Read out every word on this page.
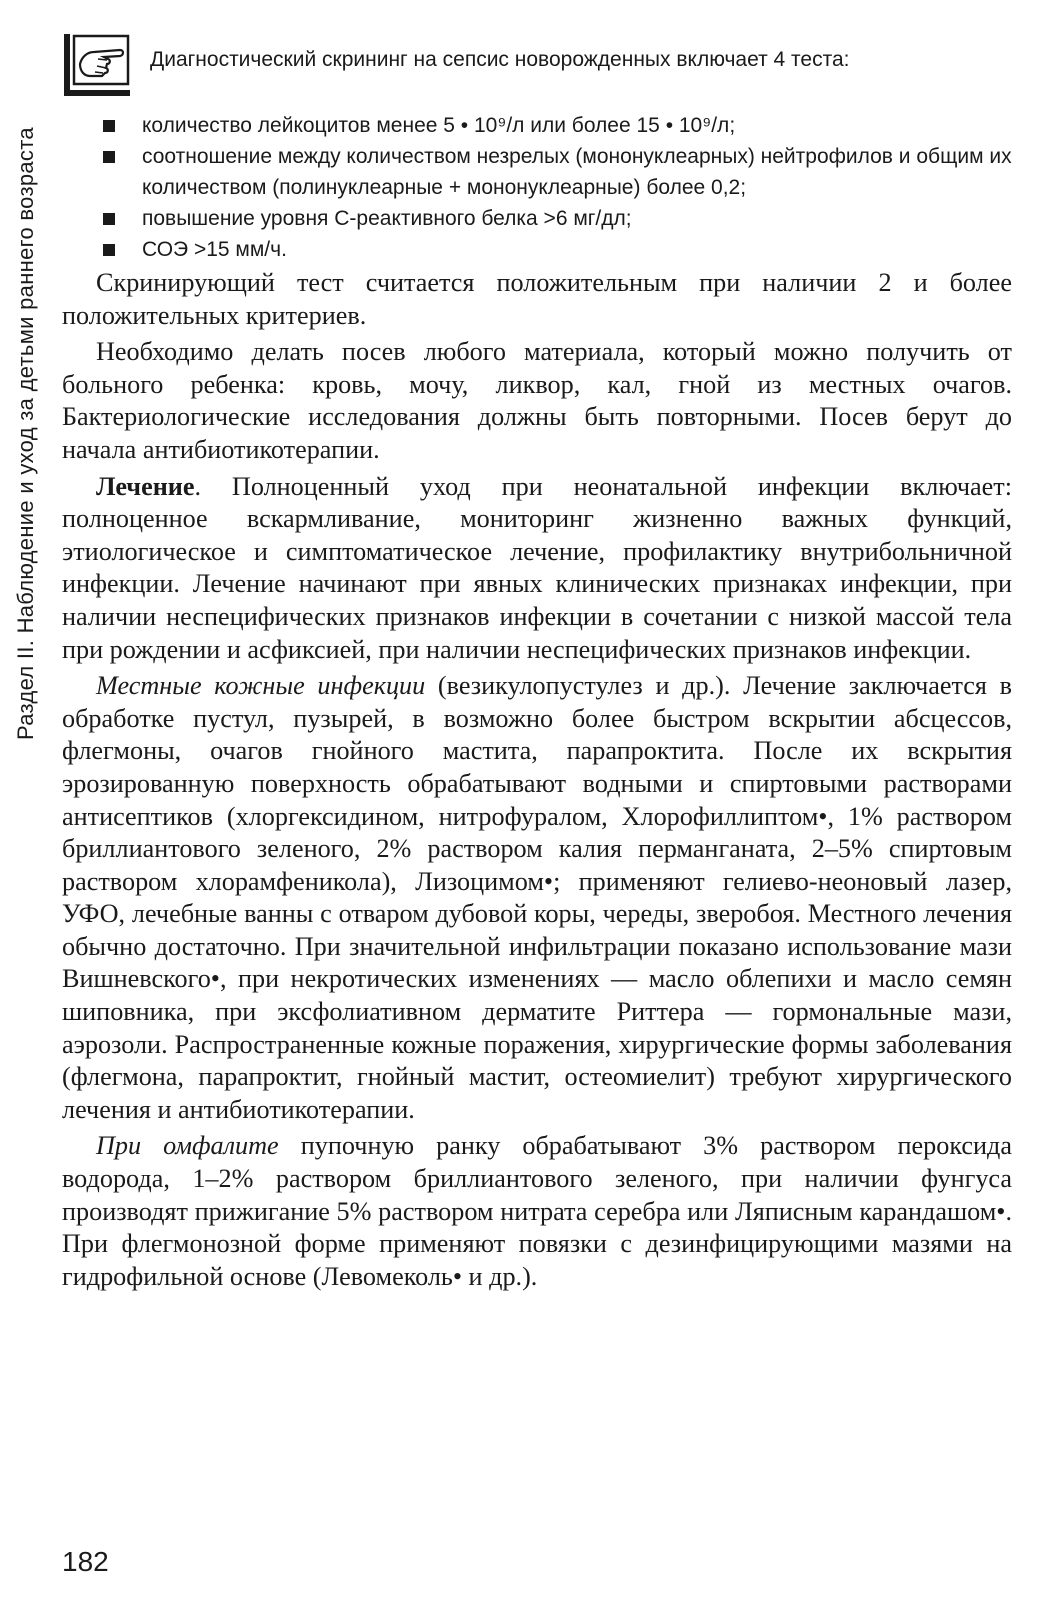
Раздел II. Наблюдение и уход за детьми раннего возраста
Диагностический скрининг на сепсис новорожденных включает 4 теста:
количество лейкоцитов менее 5 • 10⁹/л или более 15 • 10⁹/л;
соотношение между количеством незрелых (мононуклеарных) нейтрофилов и общим их количеством (полинуклеарные + мононуклеарные) более 0,2;
повышение уровня С-реактивного белка >6 мг/дл;
СОЭ >15 мм/ч.

Скринирующий тест считается положительным при наличии 2 и более положительных критериев.

Необходимо делать посев любого материала, который можно получить от больного ребенка: кровь, мочу, ликвор, кал, гной из местных очагов. Бактериологические исследования должны быть повторными. Посев берут до начала антибиотикотерапии.

Лечение. Полноценный уход при неонатальной инфекции включает: полноценное вскармливание, мониторинг жизненно важных функций, этиологическое и симптоматическое лечение, профилактику внутрибольничной инфекции. Лечение начинают при явных клинических признаках инфекции, при наличии неспецифических признаков инфекции в сочетании с низкой массой тела при рождении и асфиксией, при наличии неспецифических признаков инфекции.

Местные кожные инфекции (везикулопустулез и др.). Лечение заключается в обработке пустул, пузырей, в возможно более быстром вскрытии абсцессов, флегмоны, очагов гнойного мастита, парапроктита. После их вскрытия эрозированную поверхность обрабатывают водными и спиртовыми растворами антисептиков (хлоргексидином, нитрофуралом, Хлорофиллиптом•, 1% раствором бриллиантового зеленого, 2% раствором калия перманганата, 2–5% спиртовым раствором хлорамфеникола), Лизоцимом•; применяют гелиево-неоновый лазер, УФО, лечебные ванны с отваром дубовой коры, череды, зверобоя. Местного лечения обычно достаточно. При значительной инфильтрации показано использование мази Вишневского•, при некротических изменениях — масло облепихи и масло семян шиповника, при эксфолиативном дерматите Риттера — гормональные мази, аэрозоли. Распространенные кожные поражения, хирургические формы заболевания (флегмона, парапроктит, гнойный мастит, остеомиелит) требуют хирургического лечения и антибиотикотерапии.

При омфалите пупочную ранку обрабатывают 3% раствором пероксида водорода, 1–2% раствором бриллиантового зеленого, при наличии фунгуса производят прижигание 5% раствором нитрата серебра или Ляписным карандашом•. При флегмонозной форме применяют повязки с дезинфицирующими мазями на гидрофильной основе (Левомеколь• и др.).

182
